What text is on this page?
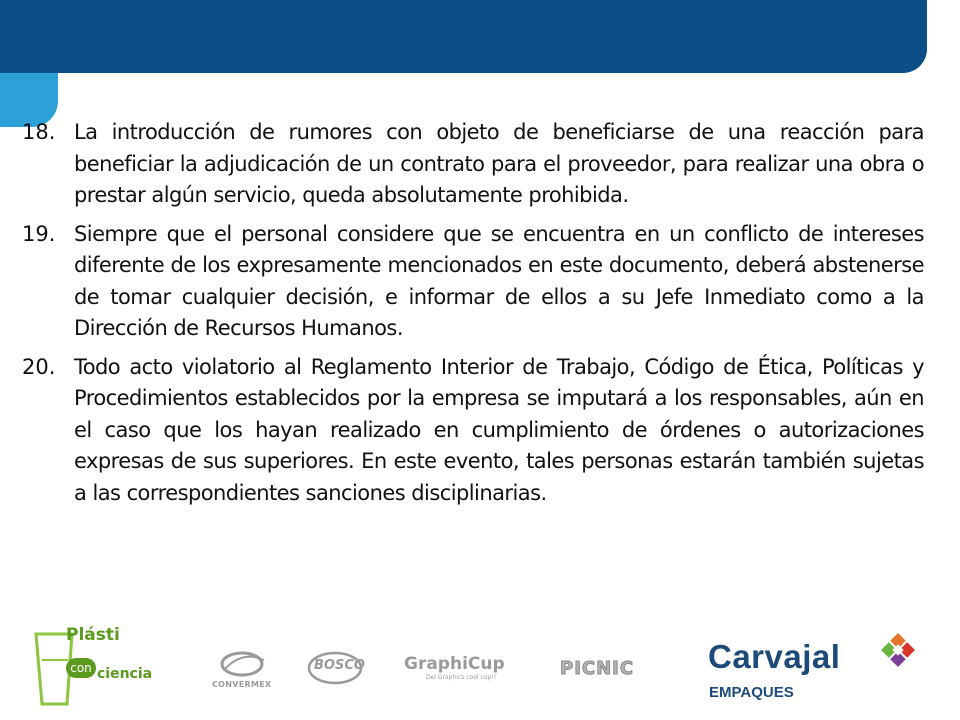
18. La introducción de rumores con objeto de beneficiarse de una reacción para beneficiar la adjudicación de un contrato para el proveedor, para realizar una obra o prestar algún servicio, queda absolutamente prohibida.
19. Siempre que el personal considere que se encuentra en un conflicto de intereses diferente de los expresamente mencionados en este documento, deberá abstenerse de tomar cualquier decisión, e informar de ellos a su Jefe Inmediato como a la Dirección de Recursos Humanos.
20. Todo acto violatorio al Reglamento Interior de Trabajo, Código de Ética, Políticas y Procedimientos establecidos por la empresa se imputará a los responsables, aún en el caso que los hayan realizado en cumplimiento de órdenes o autorizaciones expresas de sus superiores. En este evento, tales personas estarán también sujetas a las correspondientes sanciones disciplinarias.
Plásti
con ciencia
CONVERMEX
BOSCO GraphiCup
Del Graphics cool cup!!	PICNIC	Carvajal
EMPAQUES
